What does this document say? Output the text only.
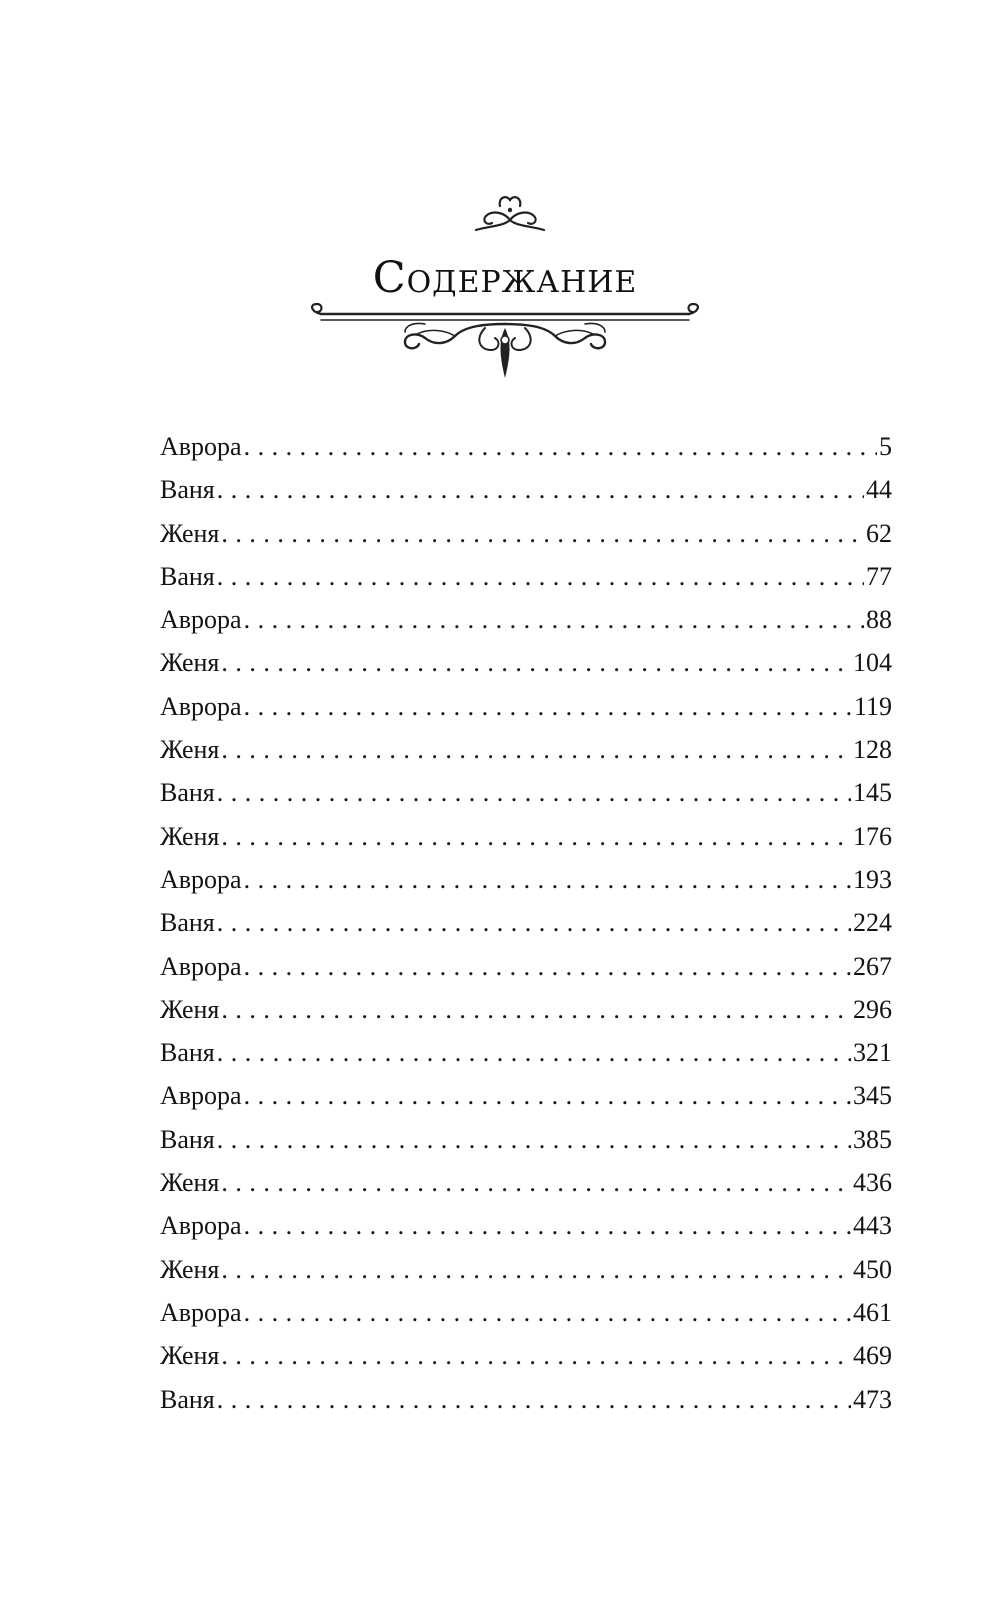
Содержание
Аврора . . .	5
Ваня . . .	44
Женя . . .	62
Ваня . . .	77
Аврора . . .	88
Женя . . .	104
Аврора . . .	119
Женя . . .	128
Ваня . . .	145
Женя . . .	176
Аврора . . .	193
Ваня . . .	224
Аврора . . .	267
Женя . . .	296
Ваня . . .	321
Аврора . . .	345
Ваня . . .	385
Женя . . .	436
Аврора . . .	443
Женя . . .	450
Аврора . . .	461
Женя . . .	469
Ваня . . .	473
